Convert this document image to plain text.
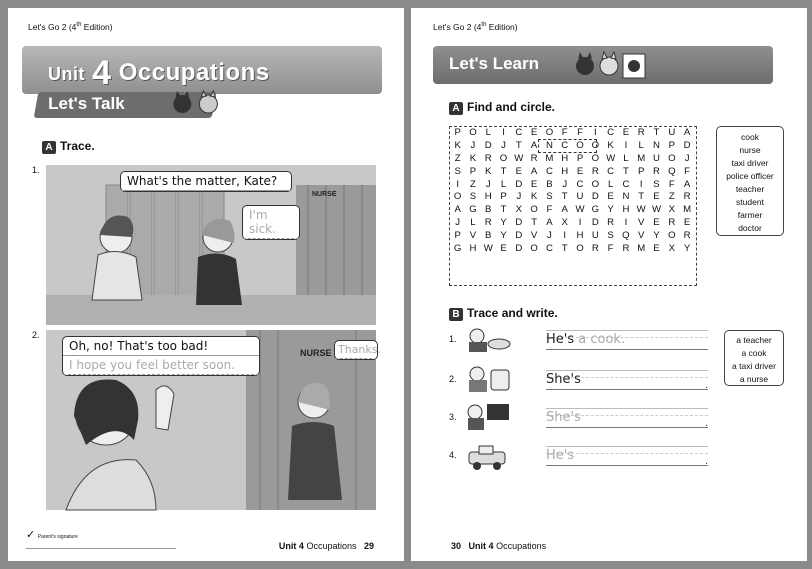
Let's Go 2 (4th Edition)
Unit 4 Occupations
Let's Talk
A Trace.
1.
What's the matter, Kate?
I'm sick.
NURSE
2.
Oh, no! That's too bad!
I hope you feel better soon.
NURSE Thanks.
✓ Parent's signature
Unit 4 Occupations 29
Let's Go 2 (4th Edition)
Let's Learn
A Find and circle.
P O L	I	C E O F F	I	C E R T U A
K	J D J	T A N C O O K	I	L N P D
Z K R O W R M H P O W L M U O J
S P K T E A C H E R C T P R Q F
I	Z	J	L D E B	J C O L C	I	S F A
O S H P	J	K S T U D E N T E Z R
A G B T X O F A W G Y H W W X M
J	L R Y D T A X	I	D R	I	V E R E
P V B Y D V	J	I	H U S Q V Y O R
G H W E D O C T O R F R M E X Y
cook
nurse
taxi driver
police officer
teacher
student
farmer
doctor
B Trace and write.
1.	He's a cook.
2.	She's	.
3.	She's	.
4.	He's	.
a teacher
a cook
a taxi driver
a nurse
30 Unit 4 Occupations
